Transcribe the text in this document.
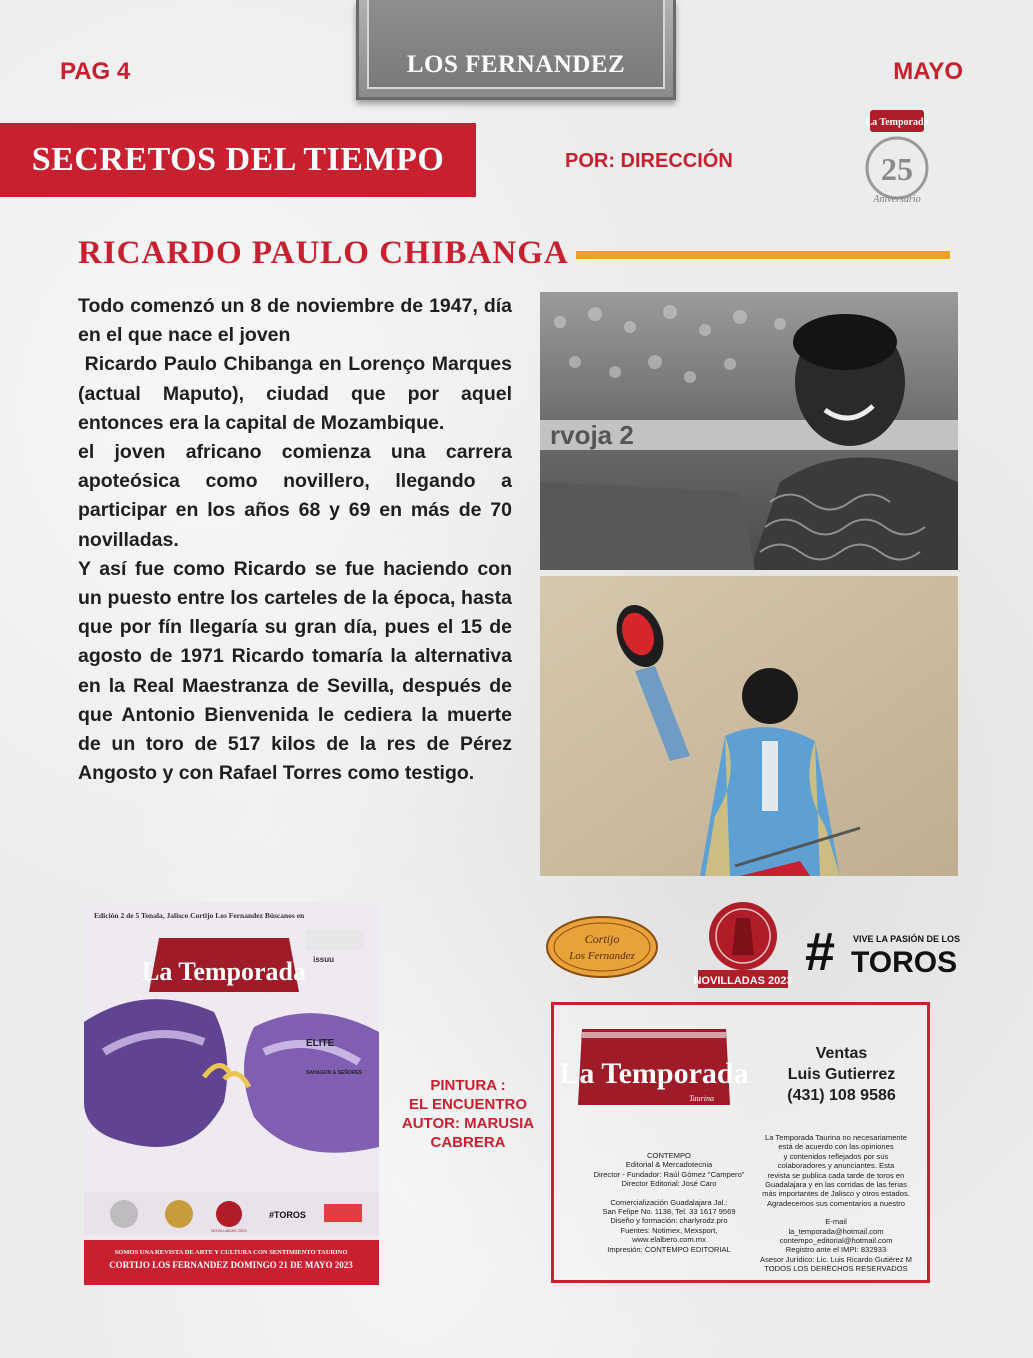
PAG 4	LOS FERNANDEZ	MAYO
SECRETOS DEL TIEMPO	POR: DIRECCIÓN
La Temporada
25
Aniversario
RICARDO PAULO CHIBANGA

Todo comenzó un 8 de noviembre de 1947, día en el que nace el joven

Ricardo Paulo Chibanga en Lorenço Marques (actual Maputo), ciudad que por aquel entonces era la capital de Mozambique.

el joven africano comienza una carrera apoteósica como novillero, llegando a participar en los años 68 y 69 en más de 70 novilladas.

Y así fue como Ricardo se fue haciendo con un puesto entre los carteles de la época, hasta que por fín llegaría su gran día, pues el 15 de agosto de 1971 Ricardo tomaría la alternativa en la Real Maestranza de Sevilla, después de que Antonio Bienvenida le cediera la muerte de un toro de 517 kilos de la res de Pérez Angosto y con Rafael Torres como testigo.

rvoja 2
Edición 2 de 5 Tonala, Jalisco Cortijo Los Fernandez Búscanos en
issuu
La Temporada
ELITE
SAHAGUN & SEÑORES
#TOROS
NOVILLADAS 2023
SOMOS UNA REVISTA DE ARTE Y CULTURA CON SENTIMIENTO TAURINO
CORTIJO LOS FERNANDEZ DOMINGO 21 DE MAYO 2023
PINTURA :
EL ENCUENTRO
AUTOR: MARUSIA
CABRERA
Cortijo
Los Fernandez
NOVILLADAS 2023 # VIVE LA PASIÓN DE LOS
TOROS
La Temporada
Taurina
Ventas
Luis Gutierrez
(431) 108 9586
CONTEMPO
Editorial & Mercadotecnia
Director - Fundador: Raúl Gómez "Campero"
Director Editorial: José Caro
Comercialización Guadalajara Jal.:
San Felipe No. 1138, Tel. 33 1617 9569
Diseño y formación: charlyrodz.pro
Fuentes: Notimex, Mexsport,
www.elalbero.com.mx
Impresión: CONTEMPO EDITORIAL
La Temporada Taurina no necesariamente
está de acuerdo con las opiniones
y contenidos reflejados por sus
colaboradores y anunciantes. Esta
revista se publica cada tarde de toros en
Guadalajara y en las corridas de las ferias
más importantes de Jalisco y otros estados.
Agradecemos sus comentarios a nuestro
E-mail
la_temporada@hotmail.com
contempo_editorial@hotmail.com
Registro ante el IMPI: 832933
Asesor Jurídico: Lic. Luis Ricardo Gutiérez M
TODOS LOS DERECHOS RESERVADOS
